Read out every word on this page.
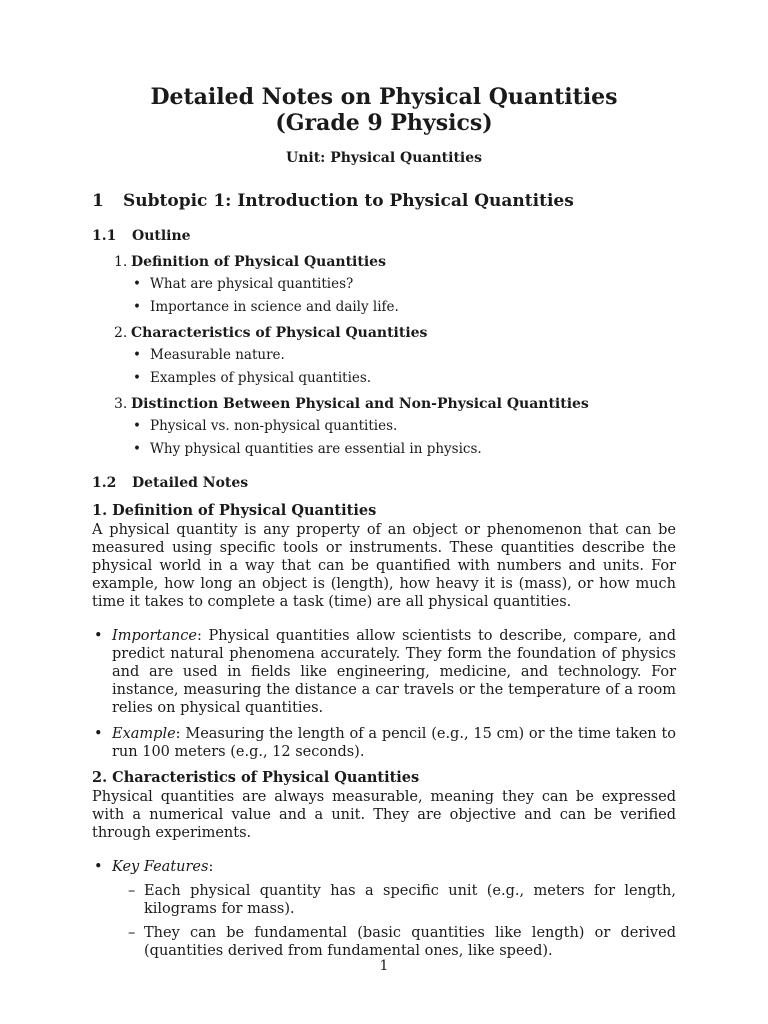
Detailed Notes on Physical Quantities (Grade 9 Physics)
Unit: Physical Quantities
1 Subtopic 1: Introduction to Physical Quantities
1.1 Outline
1. Definition of Physical Quantities
• What are physical quantities?
• Importance in science and daily life.
2. Characteristics of Physical Quantities
• Measurable nature.
• Examples of physical quantities.
3. Distinction Between Physical and Non-Physical Quantities
• Physical vs. non-physical quantities.
• Why physical quantities are essential in physics.
1.2 Detailed Notes
1. Definition of Physical Quantities

A physical quantity is any property of an object or phenomenon that can be measured using specific tools or instruments. These quantities describe the physical world in a way that can be quantified with numbers and units. For example, how long an object is (length), how heavy it is (mass), or how much time it takes to complete a task (time) are all physical quantities.

• Importance: Physical quantities allow scientists to describe, compare, and predict natural phenomena accurately. They form the foundation of physics and are used in fields like engineering, medicine, and technology. For instance, measuring the distance a car travels or the temperature of a room relies on physical quantities.
• Example: Measuring the length of a pencil (e.g., 15 cm) or the time taken to run 100 meters (e.g., 12 seconds).
2. Characteristics of Physical Quantities

Physical quantities are always measurable, meaning they can be expressed with a numerical value and a unit. They are objective and can be verified through experiments.

• Key Features:
– Each physical quantity has a specific unit (e.g., meters for length, kilograms for mass).
– They can be fundamental (basic quantities like length) or derived (quantities derived from fundamental ones, like speed).
1
